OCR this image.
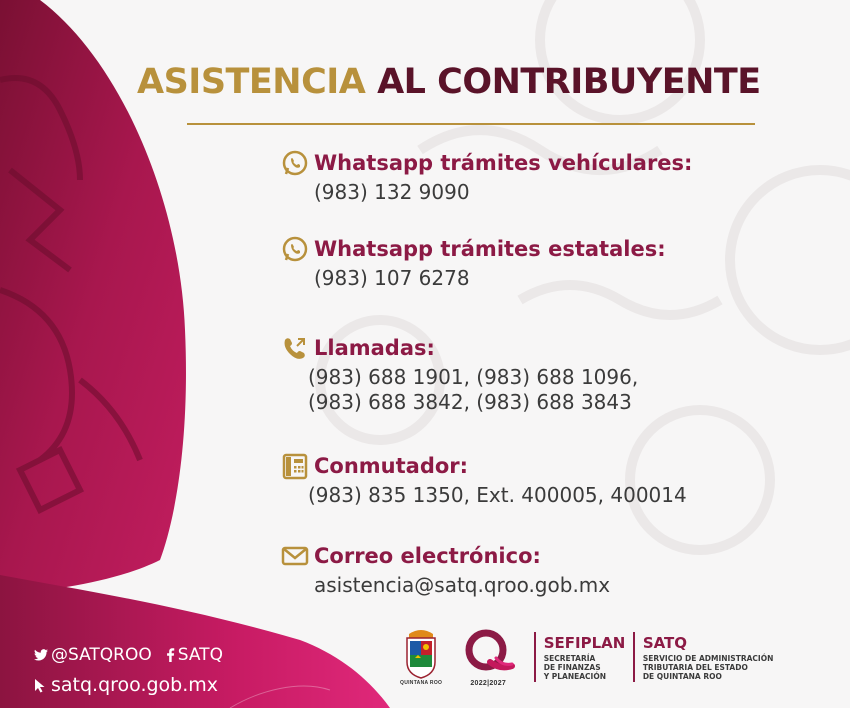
ASISTENCIA AL CONTRIBUYENTE
Whatsapp trámites vehículares:
(983) 132 9090
Whatsapp trámites estatales:
(983) 107 6278
Llamadas:
(983) 688 1901, (983) 688 1096,
(983) 688 3842, (983) 688 3843
Conmutador:
(983) 835 1350, Ext. 400005, 400014
Correo electrónico:
asistencia@satq.qroo.gob.mx
@SATQROO SATQ
satq.qroo.gob.mx	QUINTANA ROO	2022|2027
SEFIPLAN
SECRETARÍA
DE FINANZAS
Y PLANEACIÓN
SATQ
SERVICIO DE ADMINISTRACIÓN
TRIBUTARIA DEL ESTADO
DE QUINTANA ROO
